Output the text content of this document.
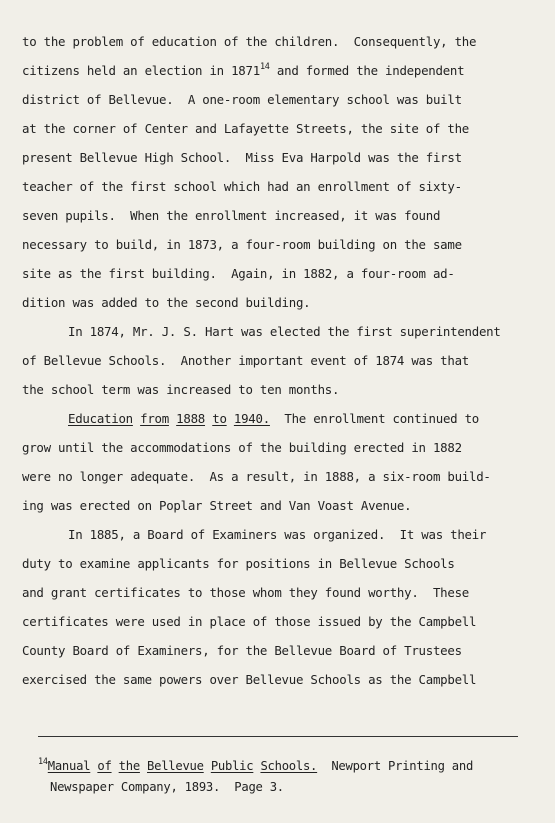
to the problem of education of the children.  Consequently, the
citizens held an election in 1871$^{14}$ and formed the independent
district of Bellevue.  A one-room elementary school was built
at the corner of Center and Lafayette Streets, the site of the
present Bellevue High School.  Miss Eva Harpold was the first
teacher of the first school which had an enrollment of sixty-
seven pupils.  When the enrollment increased, it was found
necessary to build, in 1873, a four-room building on the same
site as the first building.  Again, in 1882, a four-room ad-
dition was added to the second building.
In 1874, Mr. J. S. Hart was elected the first superintendent
of Bellevue Schools.  Another important event of 1874 was that
the school term was increased to ten months.
Education from 1888 to 1940.  The enrollment continued to
grow until the accommodations of the building erected in 1882
were no longer adequate.  As a result, in 1888, a six-room build-
ing was erected on Poplar Street and Van Voast Avenue.
In 1885, a Board of Examiners was organized.  It was their
duty to examine applicants for positions in Bellevue Schools
and grant certificates to those whom they found worthy.  These
certificates were used in place of those issued by the Campbell
County Board of Examiners, for the Bellevue Board of Trustees
exercised the same powers over Bellevue Schools as the Campbell
$^{14}$Manual of the Bellevue Public Schools.  Newport Printing and
Newspaper Company, 1893.  Page 3.
